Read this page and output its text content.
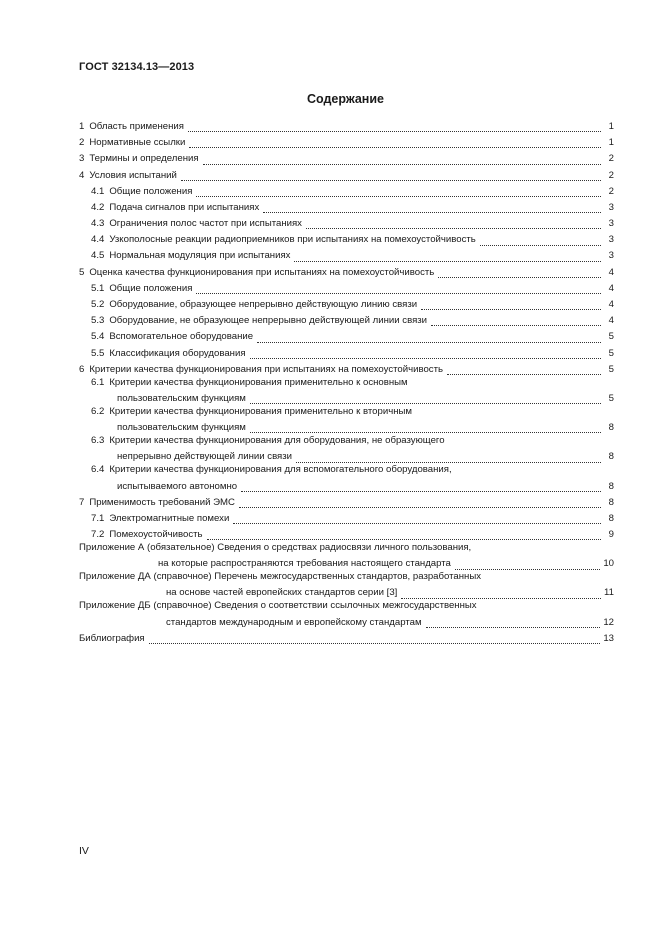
ГОСТ 32134.13—2013
Содержание
1 Область применения	1
2 Нормативные ссылки	1
3 Термины и определения	2
4 Условия испытаний	2
4.1 Общие положения	2
4.2 Подача сигналов при испытаниях	3
4.3 Ограничения полос частот при испытаниях	3
4.4 Узкополосные реакции радиоприемников при испытаниях на помехоустойчивость	3
4.5 Нормальная модуляция при испытаниях	3
5 Оценка качества функционирования при испытаниях на помехоустойчивость	4
5.1 Общие положения	4
5.2 Оборудование, образующее непрерывно действующую линию связи	4
5.3 Оборудование, не образующее непрерывно действующей линии связи	4
5.4 Вспомогательное оборудование	5
5.5 Классификация оборудования	5
6 Критерии качества функционирования при испытаниях на помехоустойчивость	5
6.1 Критерии качества функционирования применительно к основным
пользовательским функциям	5
6.2 Критерии качества функционирования применительно к вторичным
пользовательским функциям	8
6.3 Критерии качества функционирования для оборудования, не образующего
непрерывно действующей линии связи	8
6.4 Критерии качества функционирования для вспомогательного оборудования,
испытываемого автономно	8
7 Применимость требований ЭМС	8
7.1 Электромагнитные помехи	8
7.2 Помехоустойчивость	9
Приложение А (обязательное) Сведения о средствах радиосвязи личного пользования,
на которые распространяются требования настоящего стандарта	10
Приложение ДА (справочное) Перечень межгосударственных стандартов, разработанных
на основе частей европейских стандартов серии [3]	11
Приложение ДБ (справочное) Сведения о соответствии ссылочных межгосударственных
стандартов международным и европейскому стандартам	12
Библиография	13
IV
